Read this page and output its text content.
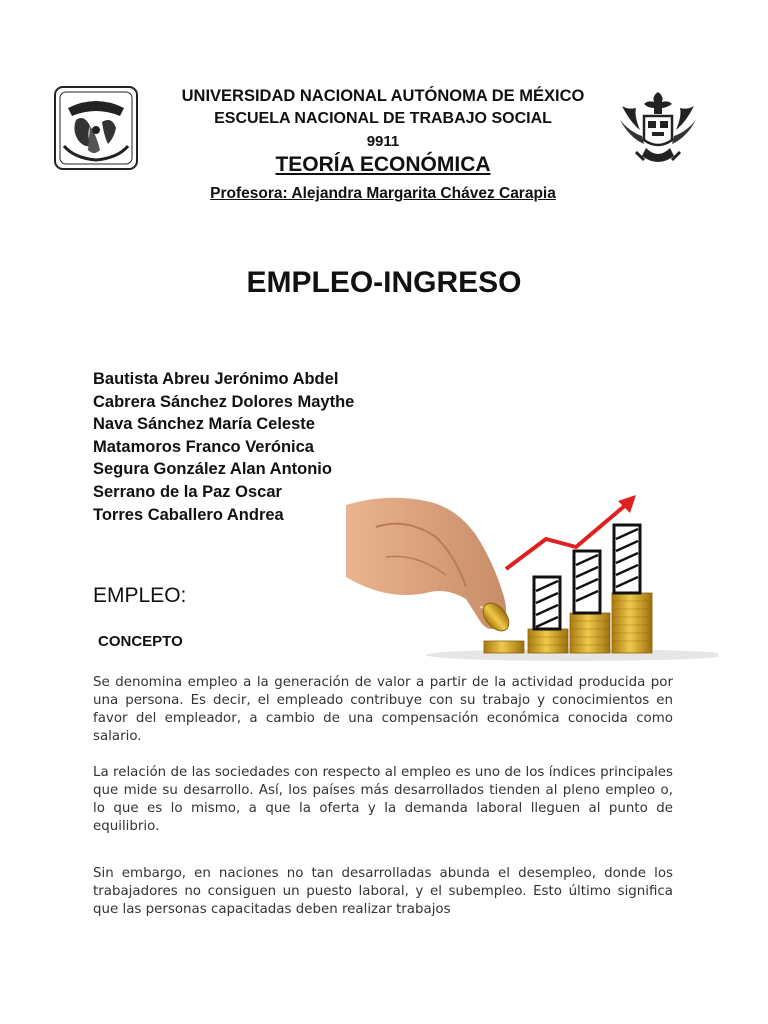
UNIVERSIDAD NACIONAL AUTÓNOMA DE MÉXICO
ESCUELA NACIONAL DE TRABAJO SOCIAL
9911
TEORÍA ECONÓMICA
Profesora: Alejandra Margarita Chávez Carapia
EMPLEO-INGRESO
Bautista Abreu Jerónimo Abdel
Cabrera Sánchez Dolores Maythe
Nava Sánchez María Celeste
Matamoros Franco Verónica
Segura González Alan Antonio
Serrano de la Paz Oscar
Torres Caballero Andrea
EMPLEO:
CONCEPTO

Se denomina empleo a la generación de valor a partir de la actividad producida por una persona. Es decir, el empleado contribuye con su trabajo y conocimientos en favor del empleador, a cambio de una compensación económica conocida como salario.

La relación de las sociedades con respecto al empleo es uno de los índices principales que mide su desarrollo. Así, los países más desarrollados tienden al pleno empleo o, lo que es lo mismo, a que la oferta y la demanda laboral lleguen al punto de equilibrio.

Sin embargo, en naciones no tan desarrolladas abunda el desempleo, donde los trabajadores no consiguen un puesto laboral, y el subempleo. Esto último significa que las personas capacitadas deben realizar trabajos
